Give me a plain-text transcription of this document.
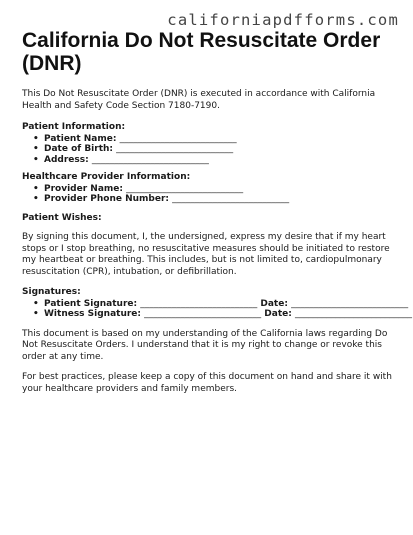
californiapdfforms.com
California Do Not Resuscitate Order (DNR)

This Do Not Resuscitate Order (DNR) is executed in accordance with California Health and Safety Code Section 7180-7190.

Patient Information:

• Patient Name: __________________________
• Date of Birth: __________________________
• Address: __________________________

Healthcare Provider Information:

• Provider Name: __________________________
• Provider Phone Number: __________________________

Patient Wishes:

By signing this document, I, the undersigned, express my desire that if my heart stops or I stop breathing, no resuscitative measures should be initiated to restore my heartbeat or breathing. This includes, but is not limited to, cardiopulmonary resuscitation (CPR), intubation, or defibrillation.

Signatures:

• Patient Signature: __________________________ Date: __________________________
• Witness Signature: __________________________ Date: __________________________

This document is based on my understanding of the California laws regarding Do Not Resuscitate Orders. I understand that it is my right to change or revoke this order at any time.

For best practices, please keep a copy of this document on hand and share it with your healthcare providers and family members.
